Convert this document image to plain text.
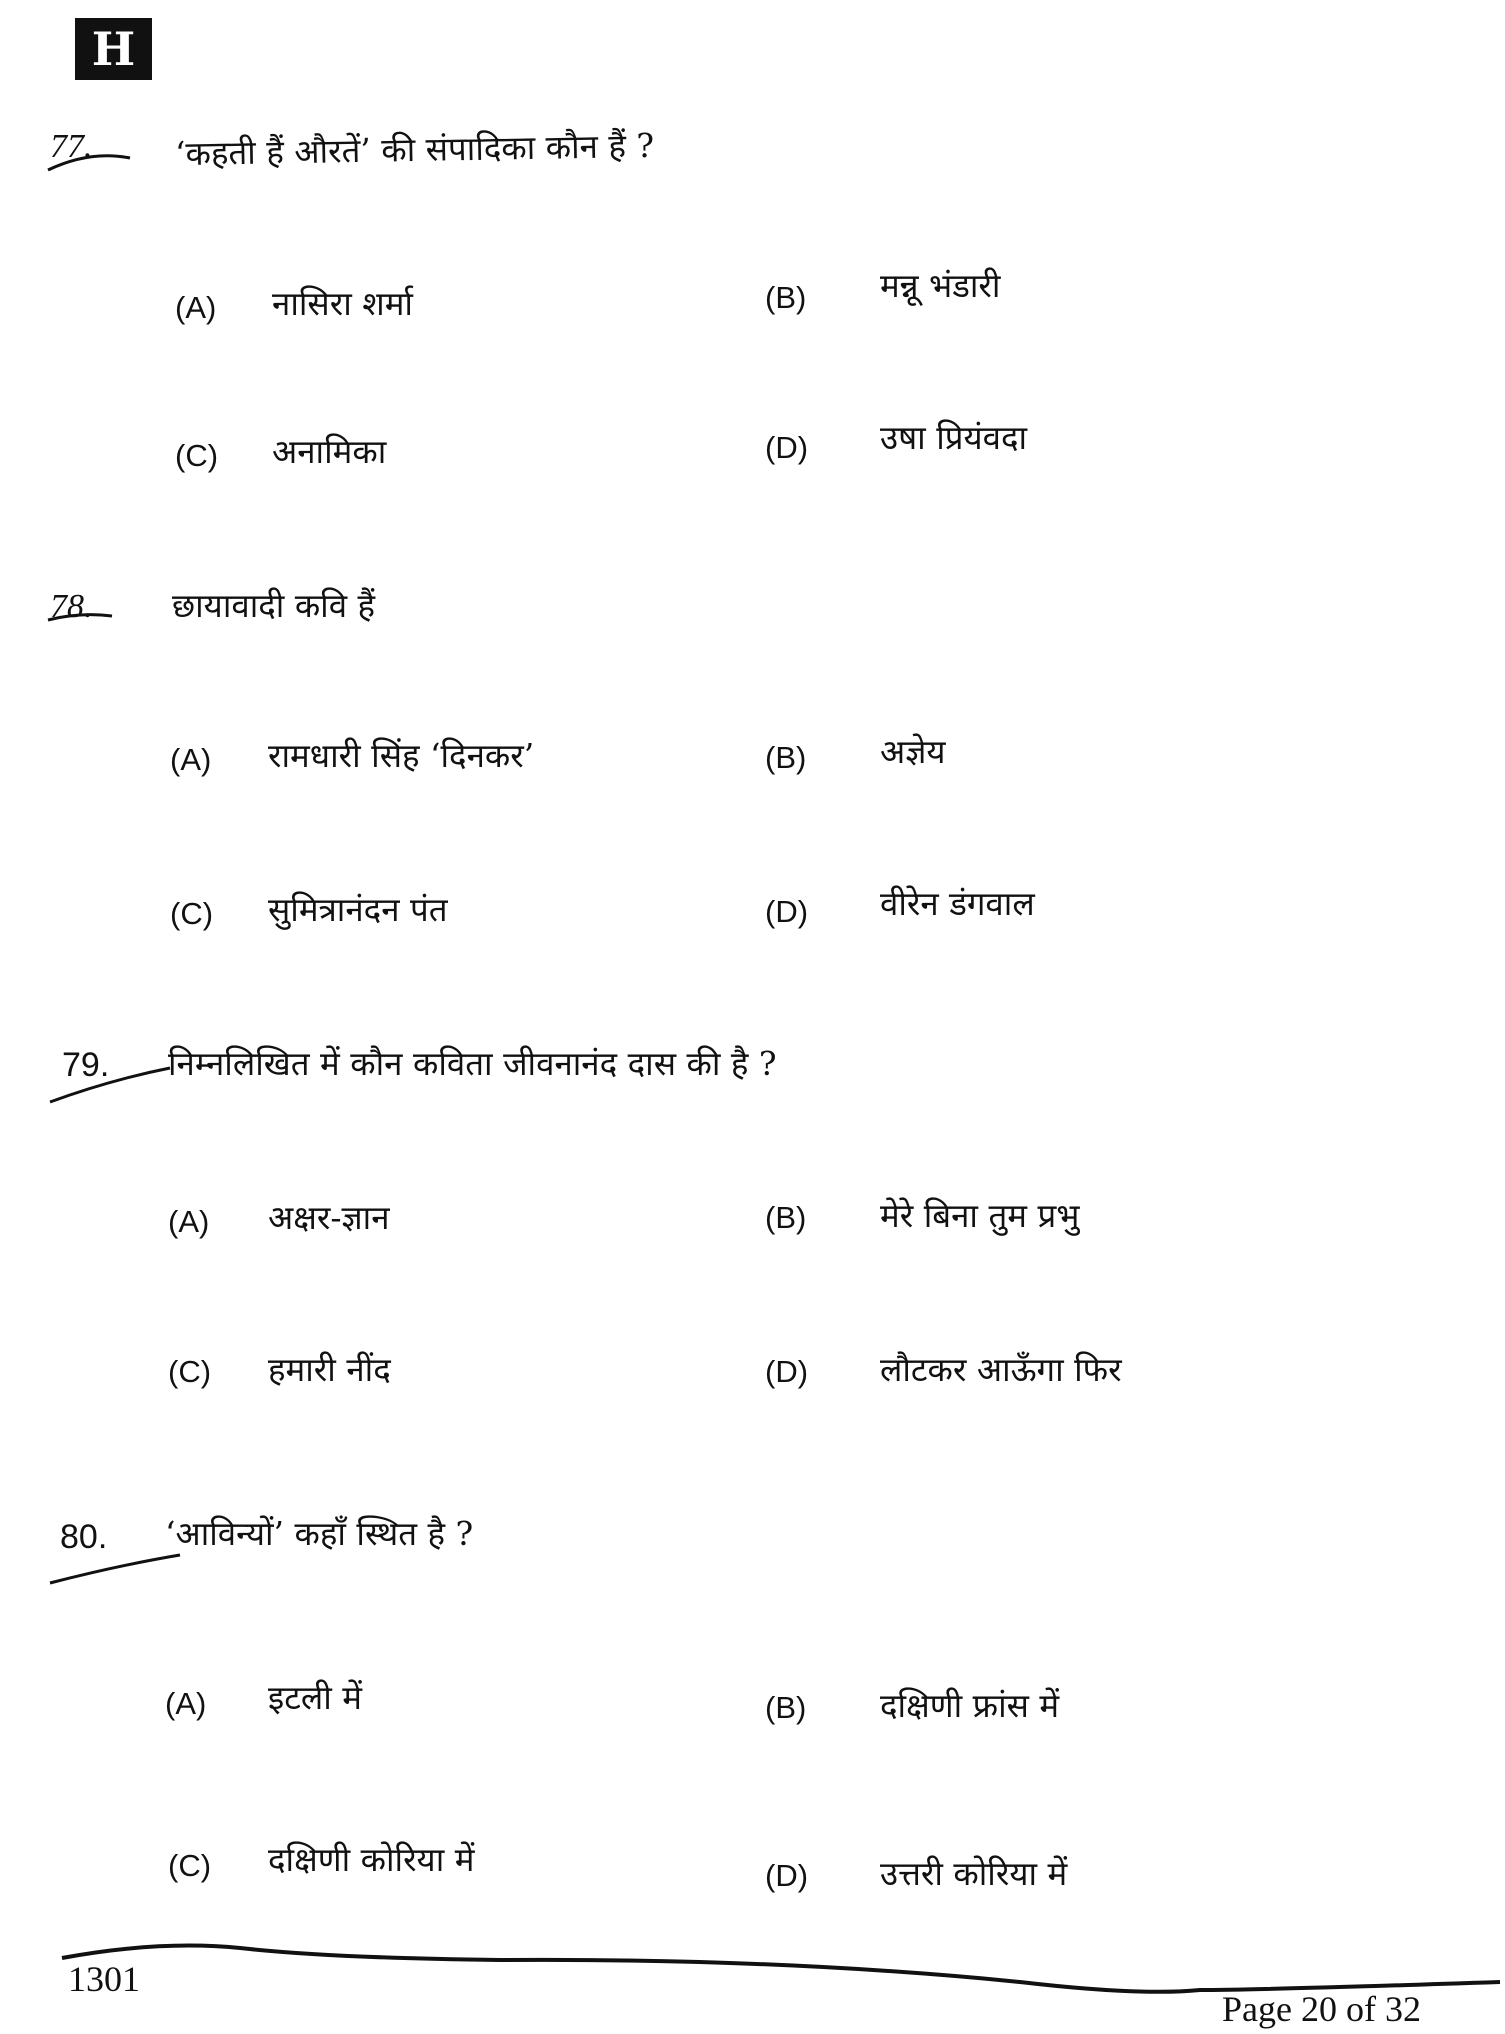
H
77. ‘कहती हैं औरतें’ की संपादिका कौन हैं ?
(A) नासिरा शर्मा	(B) मन्नू भंडारी
(C) अनामिका	(D) उषा प्रियंवदा
78. छायावादी कवि हैं
(A) रामधारी सिंह ‘दिनकर’	(B) अज्ञेय
(C) सुमित्रानंदन पंत	(D) वीरेन डंगवाल
79. निम्नलिखित में कौन कविता जीवनानंद दास की है ?
(A) अक्षर-ज्ञान	(B) मेरे बिना तुम प्रभु
(C) हमारी नींद	(D) लौटकर आऊँगा फिर
80. ‘आविन्यों’ कहाँ स्थित है ?
(A) इटली में	(B) दक्षिणी फ्रांस में
(C) दक्षिणी कोरिया में	(D) उत्तरी कोरिया में
1301
Page 20 of 32
